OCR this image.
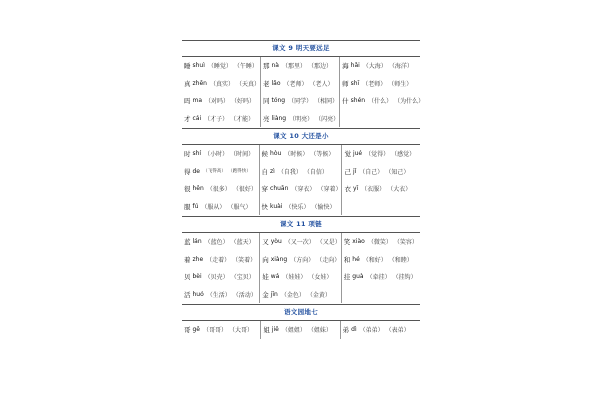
课文 9 明天要远足
睡 shuì （睡觉） （午睡） 那 nà （那里） （那边） 海 hǎi （大海） （海洋）
真 zhēn （真实） （天真） 老 lǎo （老师） （老人） 师 shī （老师） （师生）
吗 ma （对吗） （好吗） 同 tóng （同学） （相同） 什 shén （什么） （为什么）
才 cái （才子） （才能） 亮 liàng （明亮） （闪亮）
课文 10 大还是小
时 shí （小时） （时间） 候 hòu （时候） （等候） 觉 jué （觉得） （感觉）
得 de （飞得高） （跑得快） 自 zì （自我） （自信）	己 jǐ （自己） （知己）
很 hěn （很多） （很好） 穿 chuān （穿衣） （穿着） 衣 yī （衣服） （大衣）
服 fú （服从） （服气） 快 kuài （快乐） （愉快）
课文 11 项链
蓝 lán （蓝色） （蓝天） 又 yòu （又一次） （又是） 笑 xiào （微笑） （笑容）
着 zhe （走着） （笑着） 向 xiàng （方向） （走向） 和 hé （和好） （和睦）
贝 bèi （贝壳） （宝贝） 娃 wá （娃娃） （女娃） 挂 guà （牵挂） （挂钩）
活 huó （生活） （活动） 金 jīn （金色） （金黄）
语文园地七
哥 gē （哥哥） （大哥） 姐 jiě （姐姐） （姐妹） 弟 dì （弟弟） （表弟）
